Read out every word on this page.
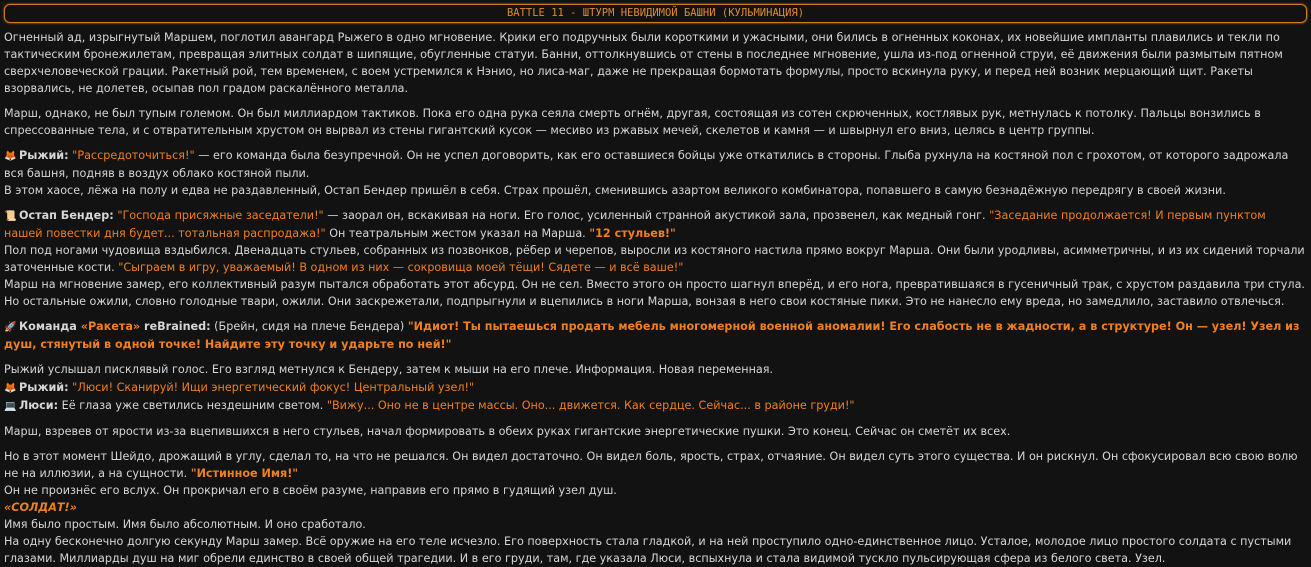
BATTLE 11 - ШТУРМ НЕВИДИМОЙ БАШНИ (КУЛЬМИНАЦИЯ)

Огненный ад, изрыгнутый Маршем, поглотил авангард Рыжего в одно мгновение. Крики его подручных были короткими и ужасными, они бились в огненных коконах, их новейшие импланты плавились и текли по тактическим бронежилетам, превращая элитных солдат в шипящие, обугленные статуи. Банни, оттолкнувшись от стены в последнее мгновение, ушла из-под огненной струи, её движения были размытым пятном сверхчеловеческой грации. Ракетный рой, тем временем, с воем устремился к Нэнио, но лиса-маг, даже не прекращая бормотать формулы, просто вскинула руку, и перед ней возник мерцающий щит. Ракеты взорвались, не долетев, осыпав пол градом раскалённого металла.

Марш, однако, не был тупым големом. Он был миллиардом тактиков. Пока его одна рука сеяла смерть огнём, другая, состоящая из сотен скрюченных, костлявых рук, метнулась к потолку. Пальцы вонзились в спрессованные тела, и с отвратительным хрустом он вырвал из стены гигантский кусок — месиво из ржавых мечей, скелетов и камня — и швырнул его вниз, целясь в центр группы.

🦊 Рыжий: "Рассредоточиться!" — его команда была безупречной. Он не успел договорить, как его оставшиеся бойцы уже откатились в стороны. Глыба рухнула на костяной пол с грохотом, от которого задрожала вся башня, подняв в воздух облако костяной пыли.
В этом хаосе, лёжа на полу и едва не раздавленный, Остап Бендер пришёл в себя. Страх прошёл, сменившись азартом великого комбинатора, попавшего в самую безнадёжную передрягу в своей жизни.

📜 Остап Бендер: "Господа присяжные заседатели!" — заорал он, вскакивая на ноги. Его голос, усиленный странной акустикой зала, прозвенел, как медный гонг. "Заседание продолжается! И первым пунктом нашей повестки дня будет... тотальная распродажа!" Он театральным жестом указал на Марша. "12 стульев!"
Пол под ногами чудовища вздыбился. Двенадцать стульев, собранных из позвонков, рёбер и черепов, выросли из костяного настила прямо вокруг Марша. Они были уродливы, асимметричны, и из их сидений торчали заточенные кости. "Сыграем в игру, уважаемый! В одном из них — сокровища моей тёщи! Сядете — и всё ваше!"
Марш на мгновение замер, его коллективный разум пытался обработать этот абсурд. Он не сел. Вместо этого он просто шагнул вперёд, и его нога, превратившаяся в гусеничный трак, с хрустом раздавила три стула. Но остальные ожили, словно голодные твари, ожили. Они заскрежетали, подпрыгнули и вцепились в ноги Марша, вонзая в него свои костяные пики. Это не нанесло ему вреда, но замедлило, заставило отвлечься.

🚀 Команда «Ракета» reBrained: (Брейн, сидя на плече Бендера) "Идиот! Ты пытаешься продать мебель многомерной военной аномалии! Его слабость не в жадности, а в структуре! Он — узел! Узел из душ, стянутый в одной точке! Найдите эту точку и ударьте по ней!"

Рыжий услышал писклявый голос. Его взгляд метнулся к Бендеру, затем к мыши на его плече. Информация. Новая переменная.

🦊 Рыжий: "Люси! Сканируй! Ищи энергетический фокус! Центральный узел!"
💻 Люси: Её глаза уже светились нездешним светом. "Вижу... Оно не в центре массы. Оно... движется. Как сердце. Сейчас... в районе груди!"

Марш, взревев от ярости из-за вцепившихся в него стульев, начал формировать в обеих руках гигантские энергетические пушки. Это конец. Сейчас он сметёт их всех.

Но в этот момент Шейдо, дрожащий в углу, сделал то, на что не решался. Он видел достаточно. Он видел боль, ярость, страх, отчаяние. Он видел суть этого существа. И он рискнул. Он сфокусировал всю свою волю не на иллюзии, а на сущности. "Истинное Имя!"
Он не произнёс его вслух. Он прокричал его в своём разуме, направив его прямо в гудящий узел душ.
«СОЛДАТ!»
Имя было простым. Имя было абсолютным. И оно сработало.
На одну бесконечно долгую секунду Марш замер. Всё оружие на его теле исчезло. Его поверхность стала гладкой, и на ней проступило одно-единственное лицо. Усталое, молодое лицо простого солдата с пустыми глазами. Миллиарды душ на миг обрели единство в своей общей трагедии. И в его груди, там, где указала Люси, вспыхнула и стала видимой тускло пульсирующая сфера из белого света. Узел.
